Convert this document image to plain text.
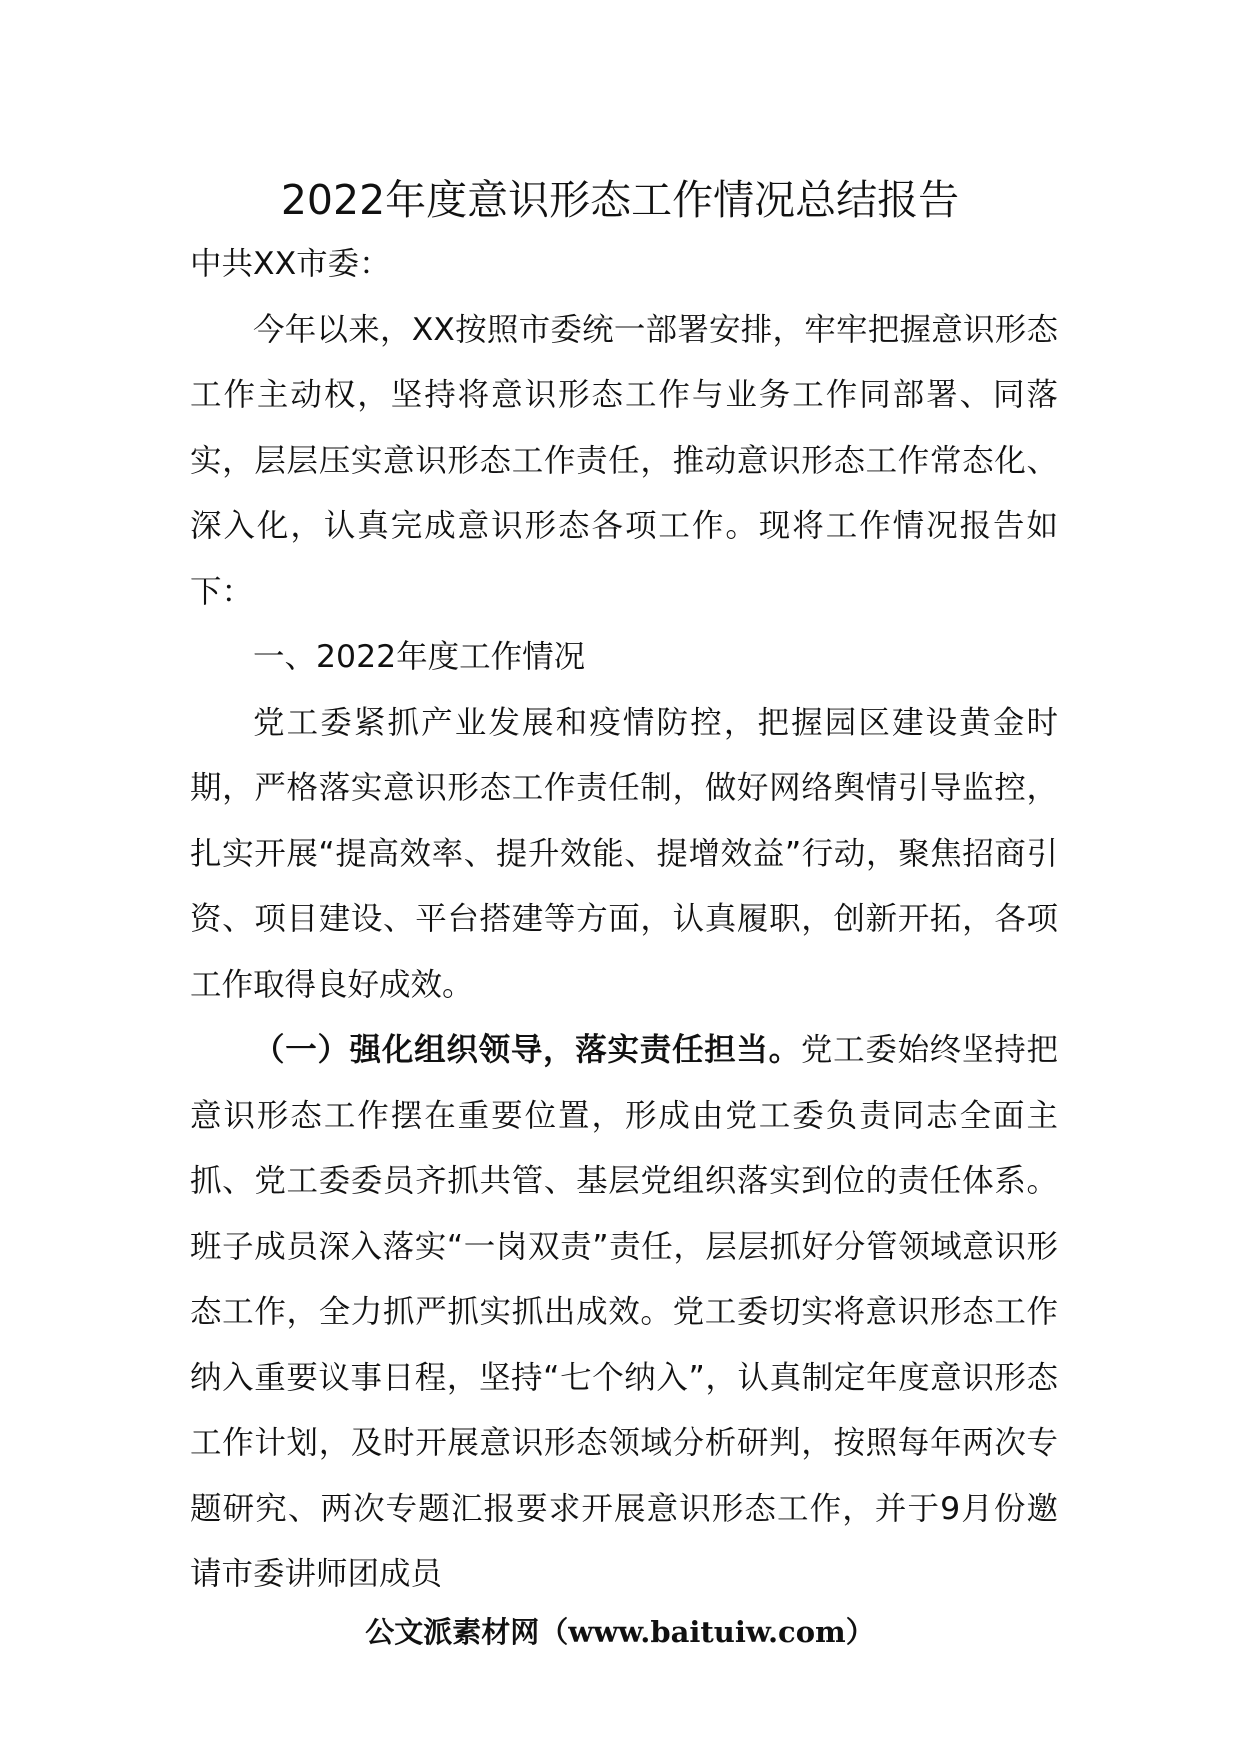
2022年度意识形态工作情况总结报告

中共XX市委：

今年以来，XX按照市委统一部署安排，牢牢把握意识形态工作主动权，坚持将意识形态工作与业务工作同部署、同落实，层层压实意识形态工作责任，推动意识形态工作常态化、深入化，认真完成意识形态各项工作。现将工作情况报告如下：

一、2022年度工作情况

党工委紧抓产业发展和疫情防控，把握园区建设黄金时期，严格落实意识形态工作责任制，做好网络舆情引导监控，扎实开展“提高效率、提升效能、提增效益”行动，聚焦招商引资、项目建设、平台搭建等方面，认真履职，创新开拓，各项工作取得良好成效。

（一）强化组织领导，落实责任担当。党工委始终坚持把意识形态工作摆在重要位置，形成由党工委负责同志全面主抓、党工委委员齐抓共管、基层党组织落实到位的责任体系。班子成员深入落实“一岗双责”责任，层层抓好分管领域意识形态工作，全力抓严抓实抓出成效。党工委切实将意识形态工作纳入重要议事日程，坚持“七个纳入”，认真制定年度意识形态工作计划，及时开展意识形态领域分析研判，按照每年两次专题研究、两次专题汇报要求开展意识形态工作，并于9月份邀请市委讲师团成员

公文派素材网（www.baituiw.com）
